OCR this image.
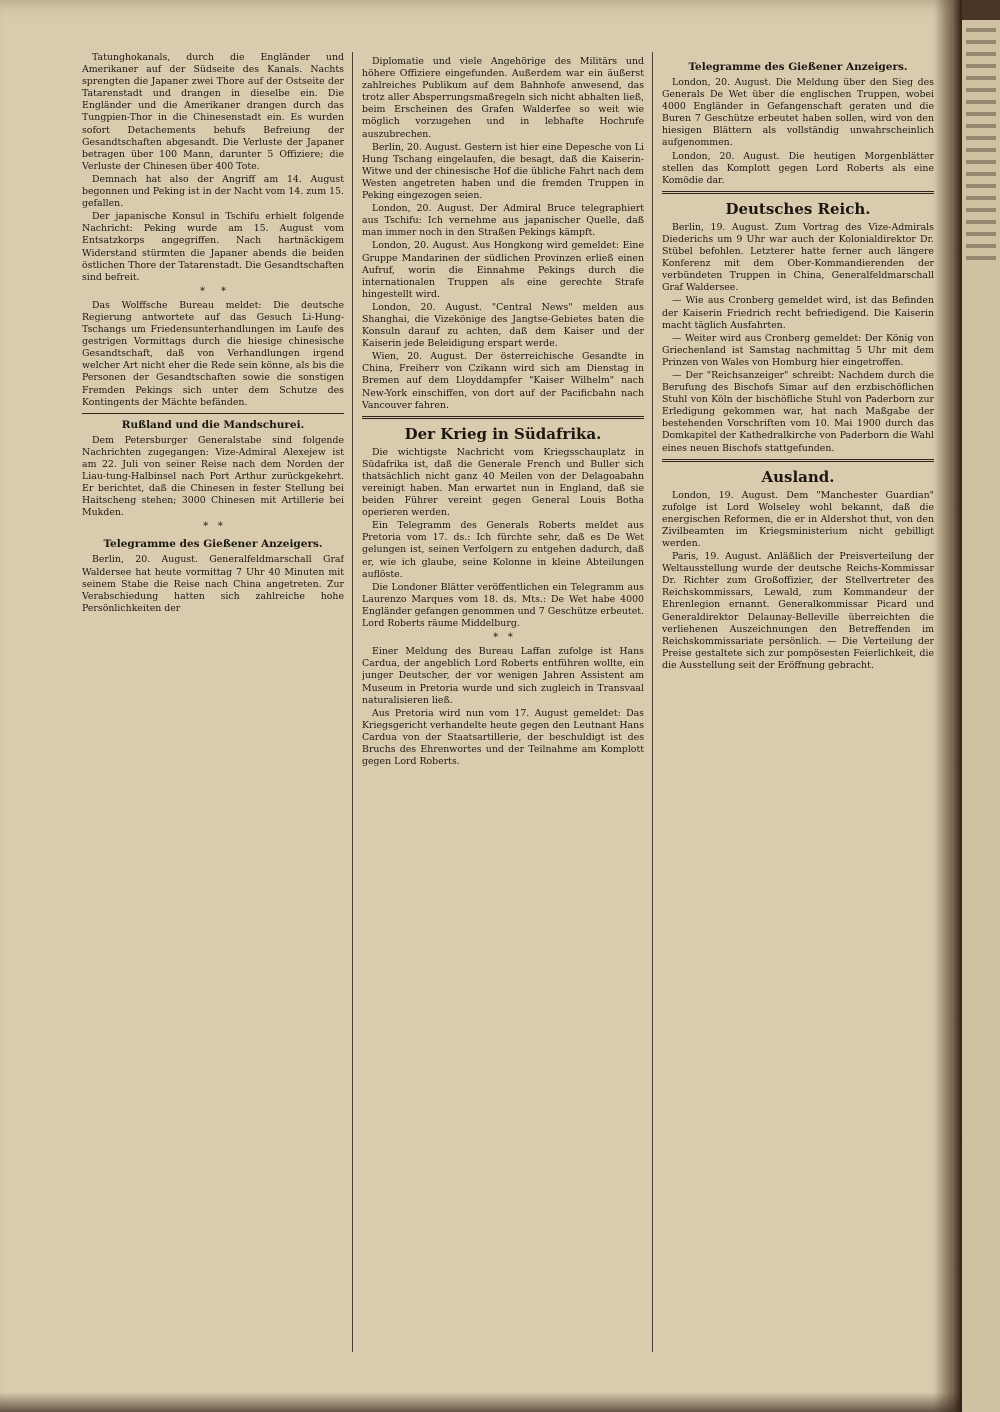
Tatunghokanals, durch die Engländer und Amerikaner auf der Südseite des Kanals. Nachts sprengten die Japaner zwei Thore auf der Ostseite der Tatarenstadt und drangen in dieselbe ein. Die Engländer und die Amerikaner drangen durch das Tungpien-Thor in die Chinesenstadt ein. Es wurden sofort Detachements behufs Befreiung der Gesandtschaften abgesandt. Die Verluste der Japaner betragen über 100 Mann, darunter 5 Offiziere; die Verluste der Chinesen über 400 Tote.

Demnach hat also der Angriff am 14. August begonnen und Peking ist in der Nacht vom 14. zum 15. gefallen.

Der japanische Konsul in Tschifu erhielt folgende Nachricht: Peking wurde am 15. August vom Entsatzkorps angegriffen. Nach hartnäckigem Widerstand stürmten die Japaner abends die beiden östlichen Thore der Tatarenstadt. Die Gesandtschaften sind befreit.

*     *

Das Wolffsche Bureau meldet: Die deutsche Regierung antwortete auf das Gesuch Li-Hung-Tschangs um Friedensunterhandlungen im Laufe des gestrigen Vormittags durch die hiesige chinesische Gesandtschaft, daß von Verhandlungen irgend welcher Art nicht eher die Rede sein könne, als bis die Personen der Gesandtschaften sowie die sonstigen Fremden Pekings sich unter dem Schutze des Kontingents der Mächte befänden.

Rußland und die Mandschurei.

Dem Petersburger Generalstabe sind folgende Nachrichten zugegangen: Vize-Admiral Alexejew ist am 22. Juli von seiner Reise nach dem Norden der Liau-tung-Halbinsel nach Port Arthur zurückgekehrt. Er berichtet, daß die Chinesen in fester Stellung bei Haitscheng stehen; 3000 Chinesen mit Artillerie bei Mukden.

*   *
Telegramme des Gießener Anzeigers.

Berlin, 20. August. Generalfeldmarschall Graf Waldersee hat heute vormittag 7 Uhr 40 Minuten mit seinem Stabe die Reise nach China angetreten. Zur Verabschiedung hatten sich zahlreiche hohe Persönlichkeiten der

Diplomatie und viele Angehörige des Militärs und höhere Offiziere eingefunden. Außerdem war ein äußerst zahlreiches Publikum auf dem Bahnhofe anwesend, das trotz aller Absperrungsmaßregeln sich nicht abhalten ließ, beim Erscheinen des Grafen Walderfee so weit wie möglich vorzugehen und in lebhafte Hochrufe auszubrechen.

Berlin, 20. August. Gestern ist hier eine Depesche von Li Hung Tschang eingelaufen, die besagt, daß die Kaiserin-Witwe und der chinesische Hof die übliche Fahrt nach dem Westen angetreten haben und die fremden Truppen in Peking eingezogen seien.

London, 20. August. Der Admiral Bruce telegraphiert aus Tschifu: Ich vernehme aus japanischer Quelle, daß man immer noch in den Straßen Pekings kämpft.

London, 20. August. Aus Hongkong wird gemeldet: Eine Gruppe Mandarinen der südlichen Provinzen erließ einen Aufruf, worin die Einnahme Pekings durch die internationalen Truppen als eine gerechte Strafe hingestellt wird.

London, 20. August. "Central News" melden aus Shanghai, die Vizekönige des Jangtse-Gebietes baten die Konsuln darauf zu achten, daß dem Kaiser und der Kaiserin jede Beleidigung erspart werde.

Wien, 20. August. Der österreichische Gesandte in China, Freiherr von Czikann wird sich am Dienstag in Bremen auf dem Lloyddampfer "Kaiser Wilhelm" nach New-York einschiffen, von dort auf der Pacificbahn nach Vancouver fahren.

Der Krieg in Südafrika.

Die wichtigste Nachricht vom Kriegsschauplatz in Südafrika ist, daß die Generale French und Buller sich thatsächlich nicht ganz 40 Meilen von der Delagoabahn vereinigt haben. Man erwartet nun in England, daß sie beiden Führer vereint gegen General Louis Botha operieren werden.

Ein Telegramm des Generals Roberts meldet aus Pretoria vom 17. ds.: Ich fürchte sehr, daß es De Wet gelungen ist, seinen Verfolgern zu entgehen dadurch, daß er, wie ich glaube, seine Kolonne in kleine Abteilungen auflöste.

Die Londoner Blätter veröffentlichen ein Telegramm aus Laurenzo Marques vom 18. ds. Mts.: De Wet habe 4000 Engländer gefangen genommen und 7 Geschütze erbeutet. Lord Roberts räume Middelburg.

*   *

Einer Meldung des Bureau Laffan zufolge ist Hans Cardua, der angeblich Lord Roberts entführen wollte, ein junger Deutscher, der vor wenigen Jahren Assistent am Museum in Pretoria wurde und sich zugleich in Transvaal naturalisieren ließ.

Aus Pretoria wird nun vom 17. August gemeldet: Das Kriegsgericht verhandelte heute gegen den Leutnant Hans Cardua von der Staatsartillerie, der beschuldigt ist des Bruchs des Ehrenwortes und der Teilnahme am Komplott gegen Lord Roberts.

Telegramme des Gießener Anzeigers.

London, 20. August. Die Meldung über den Sieg des Generals De Wet über die englischen Truppen, wobei 4000 Engländer in Gefangenschaft geraten und die Buren 7 Geschütze erbeutet haben sollen, wird von den hiesigen Blättern als vollständig unwahrscheinlich aufgenommen.

London, 20. August. Die heutigen Morgenblätter stellen das Komplott gegen Lord Roberts als eine Komödie dar.

Deutsches Reich.

Berlin, 19. August. Zum Vortrag des Vize-Admirals Diederichs um 9 Uhr war auch der Kolonialdirektor Dr. Stübel befohlen. Letzterer hatte ferner auch längere Konferenz mit dem Ober-Kommandierenden der verbündeten Truppen in China, Generalfeldmarschall Graf Waldersee.

— Wie aus Cronberg gemeldet wird, ist das Befinden der Kaiserin Friedrich recht befriedigend. Die Kaiserin macht täglich Ausfahrten.

— Weiter wird aus Cronberg gemeldet: Der König von Griechenland ist Samstag nachmittag 5 Uhr mit dem Prinzen von Wales von Homburg hier eingetroffen.

— Der "Reichsanzeiger" schreibt: Nachdem durch die Berufung des Bischofs Simar auf den erzbischöflichen Stuhl von Köln der bischöfliche Stuhl von Paderborn zur Erledigung gekommen war, hat nach Maßgabe der bestehenden Vorschriften vom 10. Mai 1900 durch das Domkapitel der Kathedralkirche von Paderborn die Wahl eines neuen Bischofs stattgefunden.

Ausland.

London, 19. August. Dem "Manchester Guardian" zufolge ist Lord Wolseley wohl bekannt, daß die energischen Reformen, die er in Aldershot thut, von den Zivilbeamten im Kriegsministerium nicht gebilligt werden.

Paris, 19. August. Anläßlich der Preisverteilung der Weltausstellung wurde der deutsche Reichs-Kommissar Dr. Richter zum Großoffizier, der Stellvertreter des Reichskommissars, Lewald, zum Kommandeur der Ehrenlegion ernannt. Generalkommissar Picard und Generaldirektor Delaunay-Belleville überreichten die verliehenen Auszeichnungen den Betreffenden im Reichskommissariate persönlich. — Die Verteilung der Preise gestaltete sich zur pompösesten Feierlichkeit, die die Ausstellung seit der Eröffnung gebracht.
